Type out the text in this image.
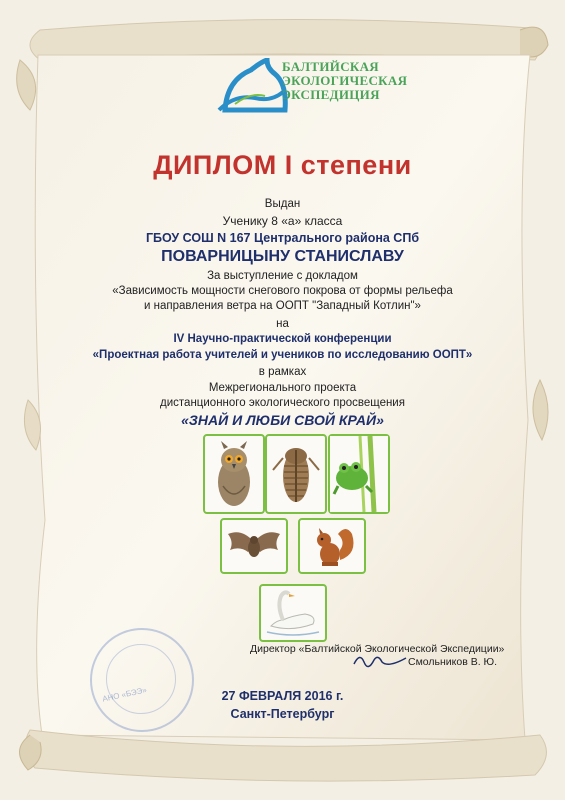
БАЛТИЙСКАЯ
ЭКОЛОГИЧЕСКАЯ
ЭКСПЕДИЦИЯ
ДИПЛОМ I степени
Выдан
Ученику 8 «а» класса
ГБОУ СОШ N 167 Центрального района СПб
ПОВАРНИЦЫНУ СТАНИСЛАВУ
За выступление с докладом
«Зависимость мощности снегового покрова от формы рельефа
и направления ветра на ООПТ "Западный Котлин"»
на
IV Научно-практической конференции
«Проектная работа учителей и учеников по исследованию ООПТ»
в рамках
Межрегионального проекта
дистанционного экологического просвещения
«ЗНАЙ И ЛЮБИ СВОЙ КРАЙ»
АНО «БЭЭ»
Директор «Балтийской Экологической Экспедиции»
Смольников В. Ю.
27 ФЕВРАЛЯ 2016 г.
Санкт-Петербург
